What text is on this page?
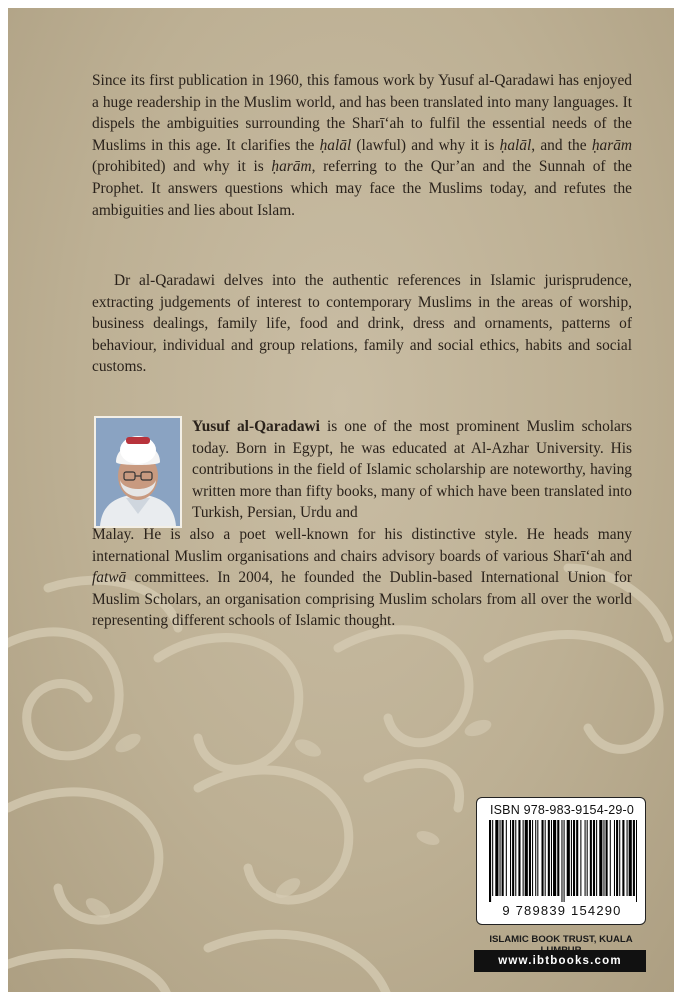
Since its first publication in 1960, this famous work by Yusuf al-Qaradawi has enjoyed a huge readership in the Muslim world, and has been translated into many languages. It dispels the ambiguities surrounding the Sharī‘ah to fulfil the essential needs of the Muslims in this age. It clarifies the ḥalāl (lawful) and why it is ḥalāl, and the ḥarām (prohibited) and why it is ḥarām, referring to the Qur’an and the Sunnah of the Prophet. It answers questions which may face the Muslims today, and refutes the ambiguities and lies about Islam.

Dr al-Qaradawi delves into the authentic references in Islamic jurisprudence, extracting judgements of interest to contemporary Muslims in the areas of worship, business dealings, family life, food and drink, dress and ornaments, patterns of behaviour, individual and group relations, family and social ethics, habits and social customs.

Yusuf al-Qaradawi is one of the most prominent Muslim scholars today. Born in Egypt, he was educated at Al-Azhar University. His contributions in the field of Islamic scholarship are noteworthy, having written more than fifty books, many of which have been translated into Turkish, Persian, Urdu and
Malay. He is also a poet well-known for his distinctive style. He heads many international Muslim organisations and chairs advisory boards of various Sharī‘ah and fatwā committees. In 2004, he founded the Dublin-based International Union for Muslim Scholars, an organisation comprising Muslim scholars from all over the world representing different schools of Islamic thought.
ISBN 978-983-9154-29-0
9 789839 154290
ISLAMIC BOOK TRUST, KUALA
www.ibtbooks.com
